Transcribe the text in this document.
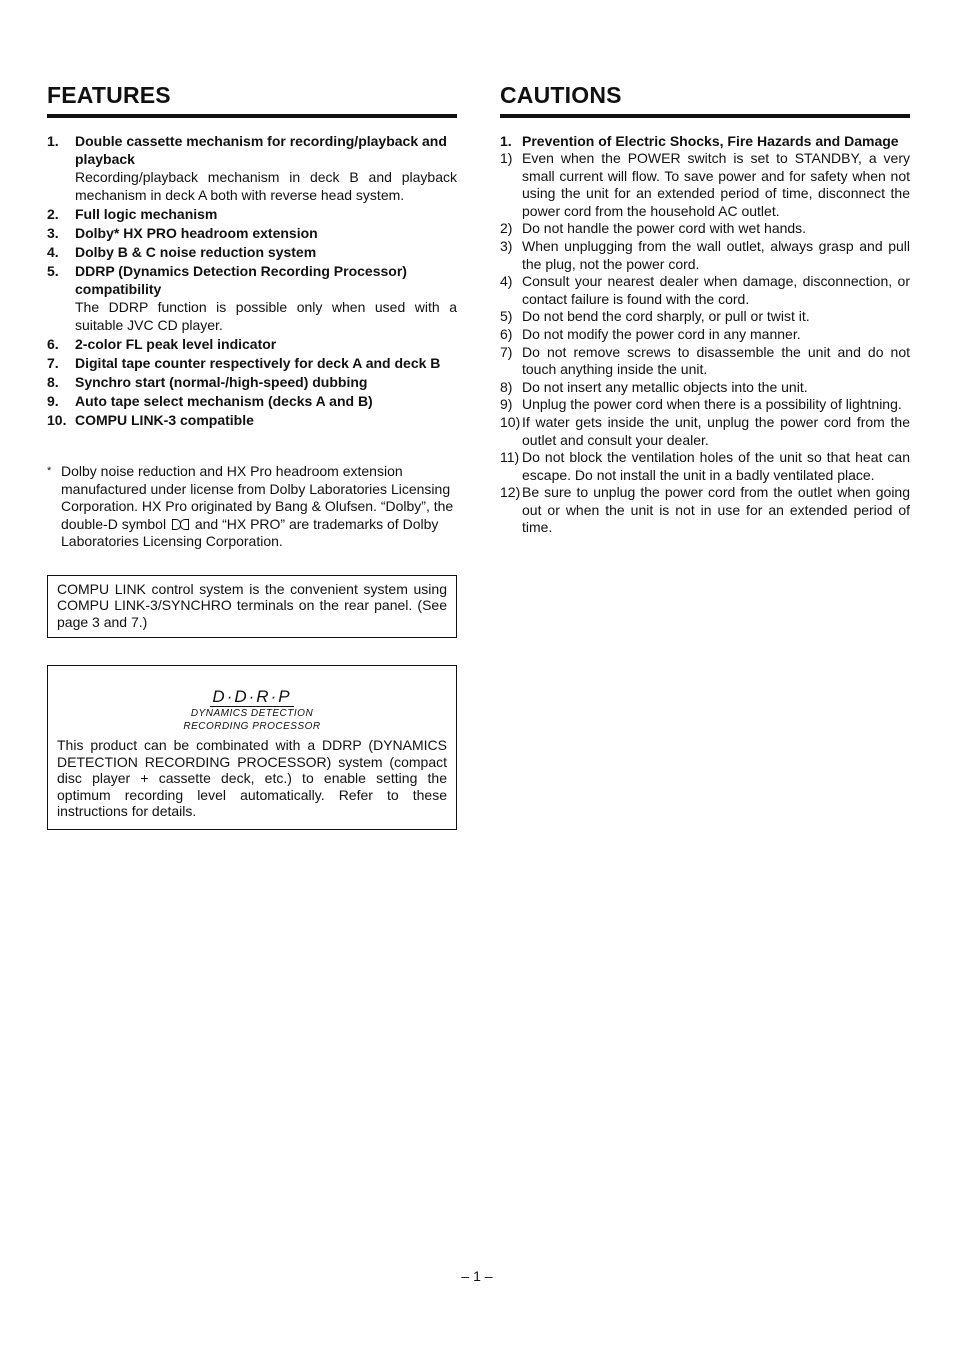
FEATURES
1.	Double cassette mechanism for recording/playback and playback
Recording/playback mechanism in deck B and playback mechanism in deck A both with reverse head system.
2.	Full logic mechanism
3.	Dolby* HX PRO headroom extension
4.	Dolby B & C noise reduction system
5.	DDRP (Dynamics Detection Recording Processor) compatibility
The DDRP function is possible only when used with a suitable JVC CD player.
6.	2-color FL peak level indicator
7.	Digital tape counter respectively for deck A and deck B
8.	Synchro start (normal-/high-speed) dubbing
9.	Auto tape select mechanism (decks A and B)
10. COMPU LINK-3 compatible
* Dolby noise reduction and HX Pro headroom extension manufactured under license from Dolby Laboratories Licensing Corporation. HX Pro originated by Bang & Olufsen. “Dolby”, the double-D symbol and “HX PRO” are trademarks of Dolby Laboratories Licensing Corporation.
COMPU LINK control system is the convenient system using COMPU LINK-3/SYNCHRO terminals on the rear panel. (See page 3 and 7.)
D·D·R·P
DYNAMICS DETECTION
RECORDING PROCESSOR
This product can be combinated with a DDRP (DYNAMICS DETECTION RECORDING PROCESSOR) system (compact disc player + cassette deck, etc.) to enable setting the optimum recording level automatically. Refer to these instructions for details.
CAUTIONS
1. Prevention of Electric Shocks, Fire Hazards and Damage
1) Even when the POWER switch is set to STANDBY, a very small current will flow. To save power and for safety when not using the unit for an extended period of time, disconnect the power cord from the household AC outlet.
2) Do not handle the power cord with wet hands.
3) When unplugging from the wall outlet, always grasp and pull the plug, not the power cord.
4) Consult your nearest dealer when damage, disconnection, or contact failure is found with the cord.
5) Do not bend the cord sharply, or pull or twist it.
6) Do not modify the power cord in any manner.
7) Do not remove screws to disassemble the unit and do not touch anything inside the unit.
8) Do not insert any metallic objects into the unit.
9) Unplug the power cord when there is a possibility of lightning.
10) If water gets inside the unit, unplug the power cord from the outlet and consult your dealer.
11) Do not block the ventilation holes of the unit so that heat can escape. Do not install the unit in a badly ventilated place.
12) Be sure to unplug the power cord from the outlet when going out or when the unit is not in use for an extended period of time.
– 1 –
